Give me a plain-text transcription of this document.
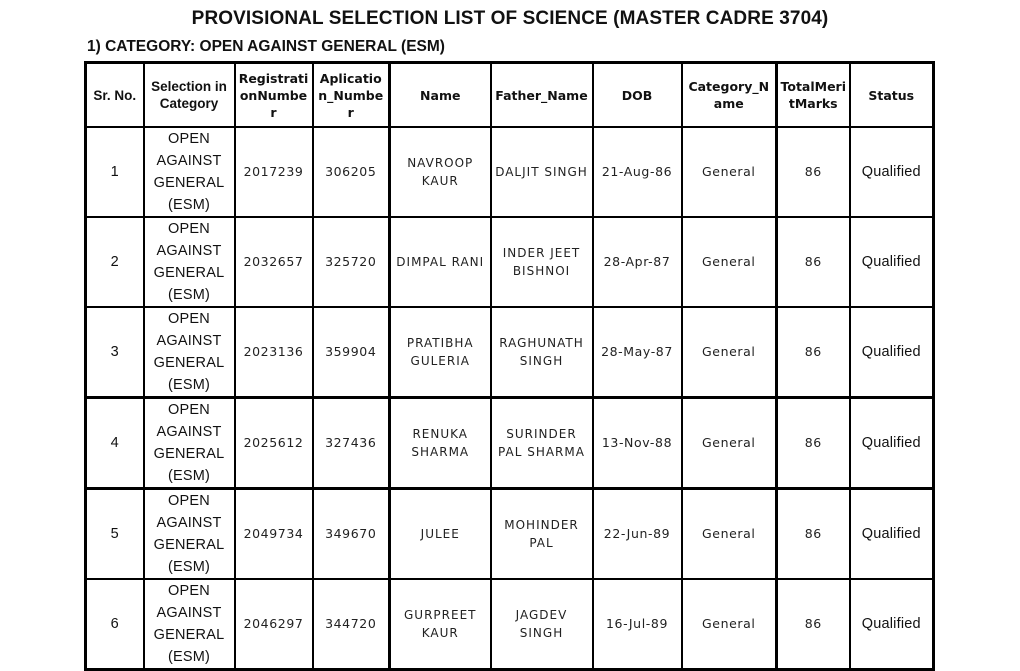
PROVISIONAL SELECTION LIST OF SCIENCE (MASTER CADRE 3704)
1) CATEGORY: OPEN AGAINST GENERAL (ESM)
Sr. No.	Selection in Category	RegistrationNumber	Aplication_Number	Name	Father_Name	DOB	Category_Name	TotalMeritMarks	Status
1	OPEN AGAINST GENERAL (ESM)	2017239	306205	NAVROOP KAUR	DALJIT SINGH	21-Aug-86	General	86	Qualified
2	OPEN AGAINST GENERAL (ESM)	2032657	325720	DIMPAL RANI	INDER JEET BISHNOI	28-Apr-87	General	86	Qualified
3	OPEN AGAINST GENERAL (ESM)	2023136	359904	PRATIBHA GULERIA	RAGHUNATH SINGH	28-May-87	General	86	Qualified
4	OPEN AGAINST GENERAL (ESM)	2025612	327436	RENUKA SHARMA	SURINDER PAL SHARMA	13-Nov-88	General	86	Qualified
5	OPEN AGAINST GENERAL (ESM)	2049734	349670	JULEE	MOHINDER PAL	22-Jun-89	General	86	Qualified
6	OPEN AGAINST GENERAL (ESM)	2046297	344720	GURPREET KAUR	JAGDEV SINGH	16-Jul-89	General	86	Qualified
